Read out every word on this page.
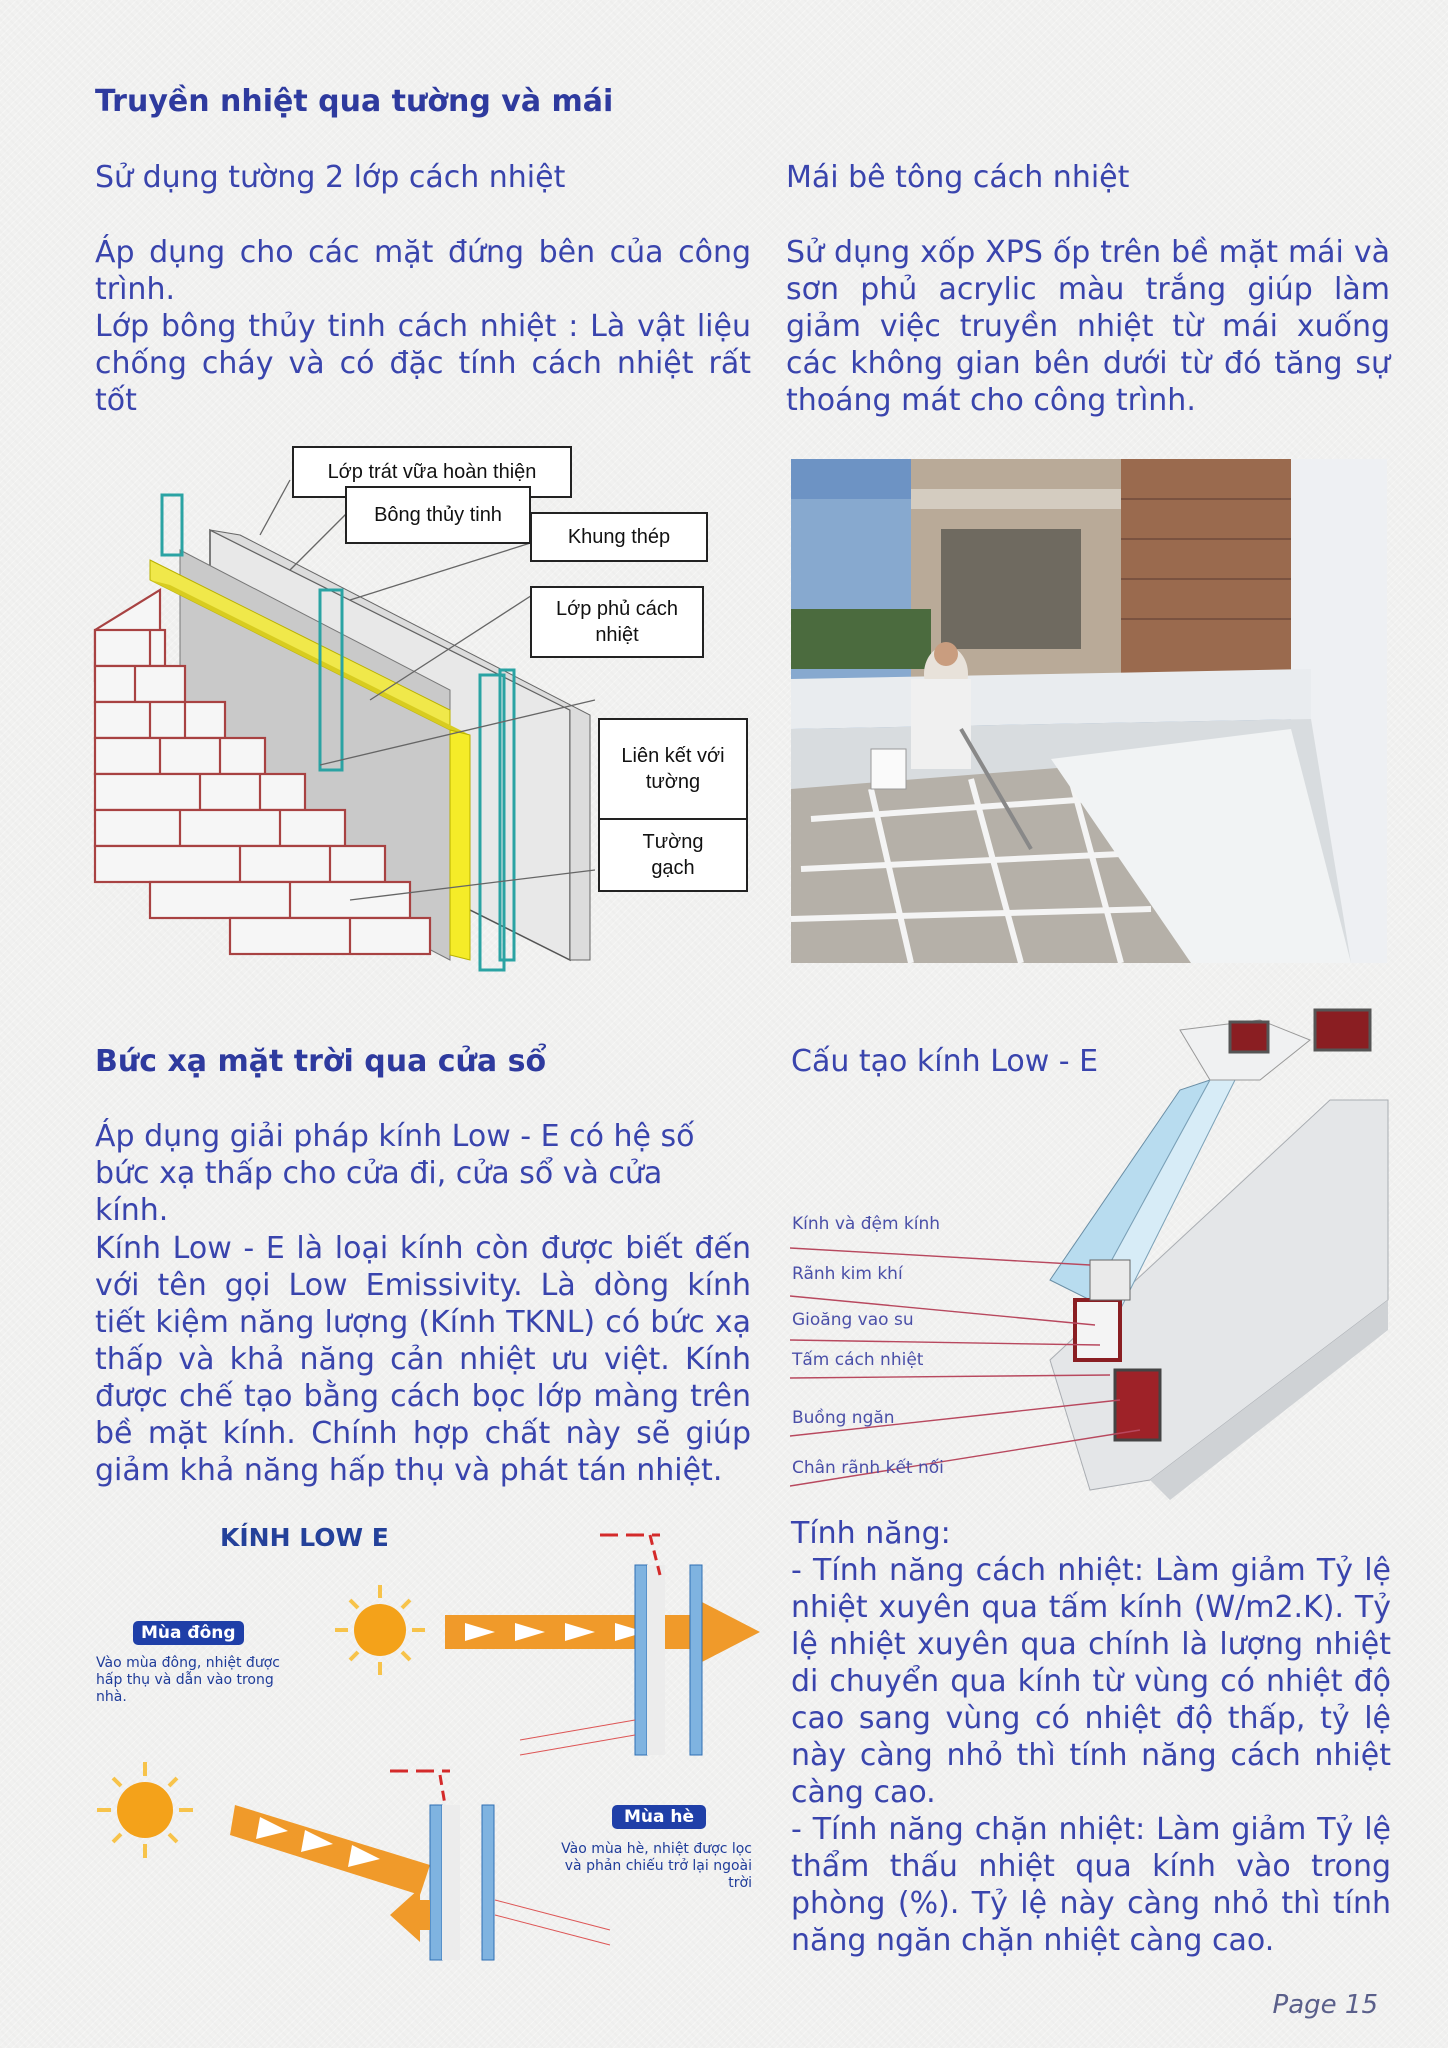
Truyền nhiệt qua tường và mái
Sử dụng tường 2 lớp cách nhiệt
Áp dụng cho các mặt đứng bên của công trình.
Lớp bông thủy tinh cách nhiệt : Là vật liệu chống cháy và có đặc tính cách nhiệt rất tốt
Mái bê tông cách nhiệt
Sử dụng xốp XPS ốp trên bề mặt mái và sơn phủ acrylic màu trắng giúp làm giảm việc truyền nhiệt từ mái xuống các không gian bên dưới từ đó tăng sự thoáng mát cho công trình.
Lớp trát vữa hoàn thiện
Bông thủy tinh
Khung thép
Lớp phủ cách nhiệt
Liên kết với tường
Tường gạch
Bức xạ mặt trời qua cửa sổ
Áp dụng giải pháp kính Low - E có hệ số bức xạ thấp cho cửa đi, cửa sổ và cửa kính.
Kính Low - E là loại kính còn được biết đến với tên gọi Low Emissivity. Là dòng kính tiết kiệm năng lượng (Kính TKNL) có bức xạ thấp và khả năng cản nhiệt ưu việt. Kính được chế tạo bằng cách bọc lớp màng trên bề mặt kính. Chính hợp chất này sẽ giúp giảm khả năng hấp thụ và phát tán nhiệt.
Cấu tạo kính Low - E
Kính và đệm kính
Rãnh kim khí
Gioăng vao su
Tấm cách nhiệt
Buồng ngăn
Chân rãnh kết nối
KÍNH LOW E
Mùa đông
Vào mùa đông, nhiệt được hấp thụ và dẫn vào trong nhà.
Mùa hè
Vào mùa hè, nhiệt được lọc và phản chiếu trở lại ngoài trời
Tính năng:
- Tính năng cách nhiệt: Làm giảm Tỷ lệ nhiệt xuyên qua tấm kính (W/m2.K). Tỷ lệ nhiệt xuyên qua chính là lượng nhiệt di chuyển qua kính từ vùng có nhiệt độ cao sang vùng có nhiệt độ thấp, tỷ lệ này càng nhỏ thì tính năng cách nhiệt càng cao.
- Tính năng chặn nhiệt: Làm giảm Tỷ lệ thẩm thấu nhiệt qua kính vào trong phòng (%). Tỷ lệ này càng nhỏ thì tính năng ngăn chặn nhiệt càng cao.
Page 15
